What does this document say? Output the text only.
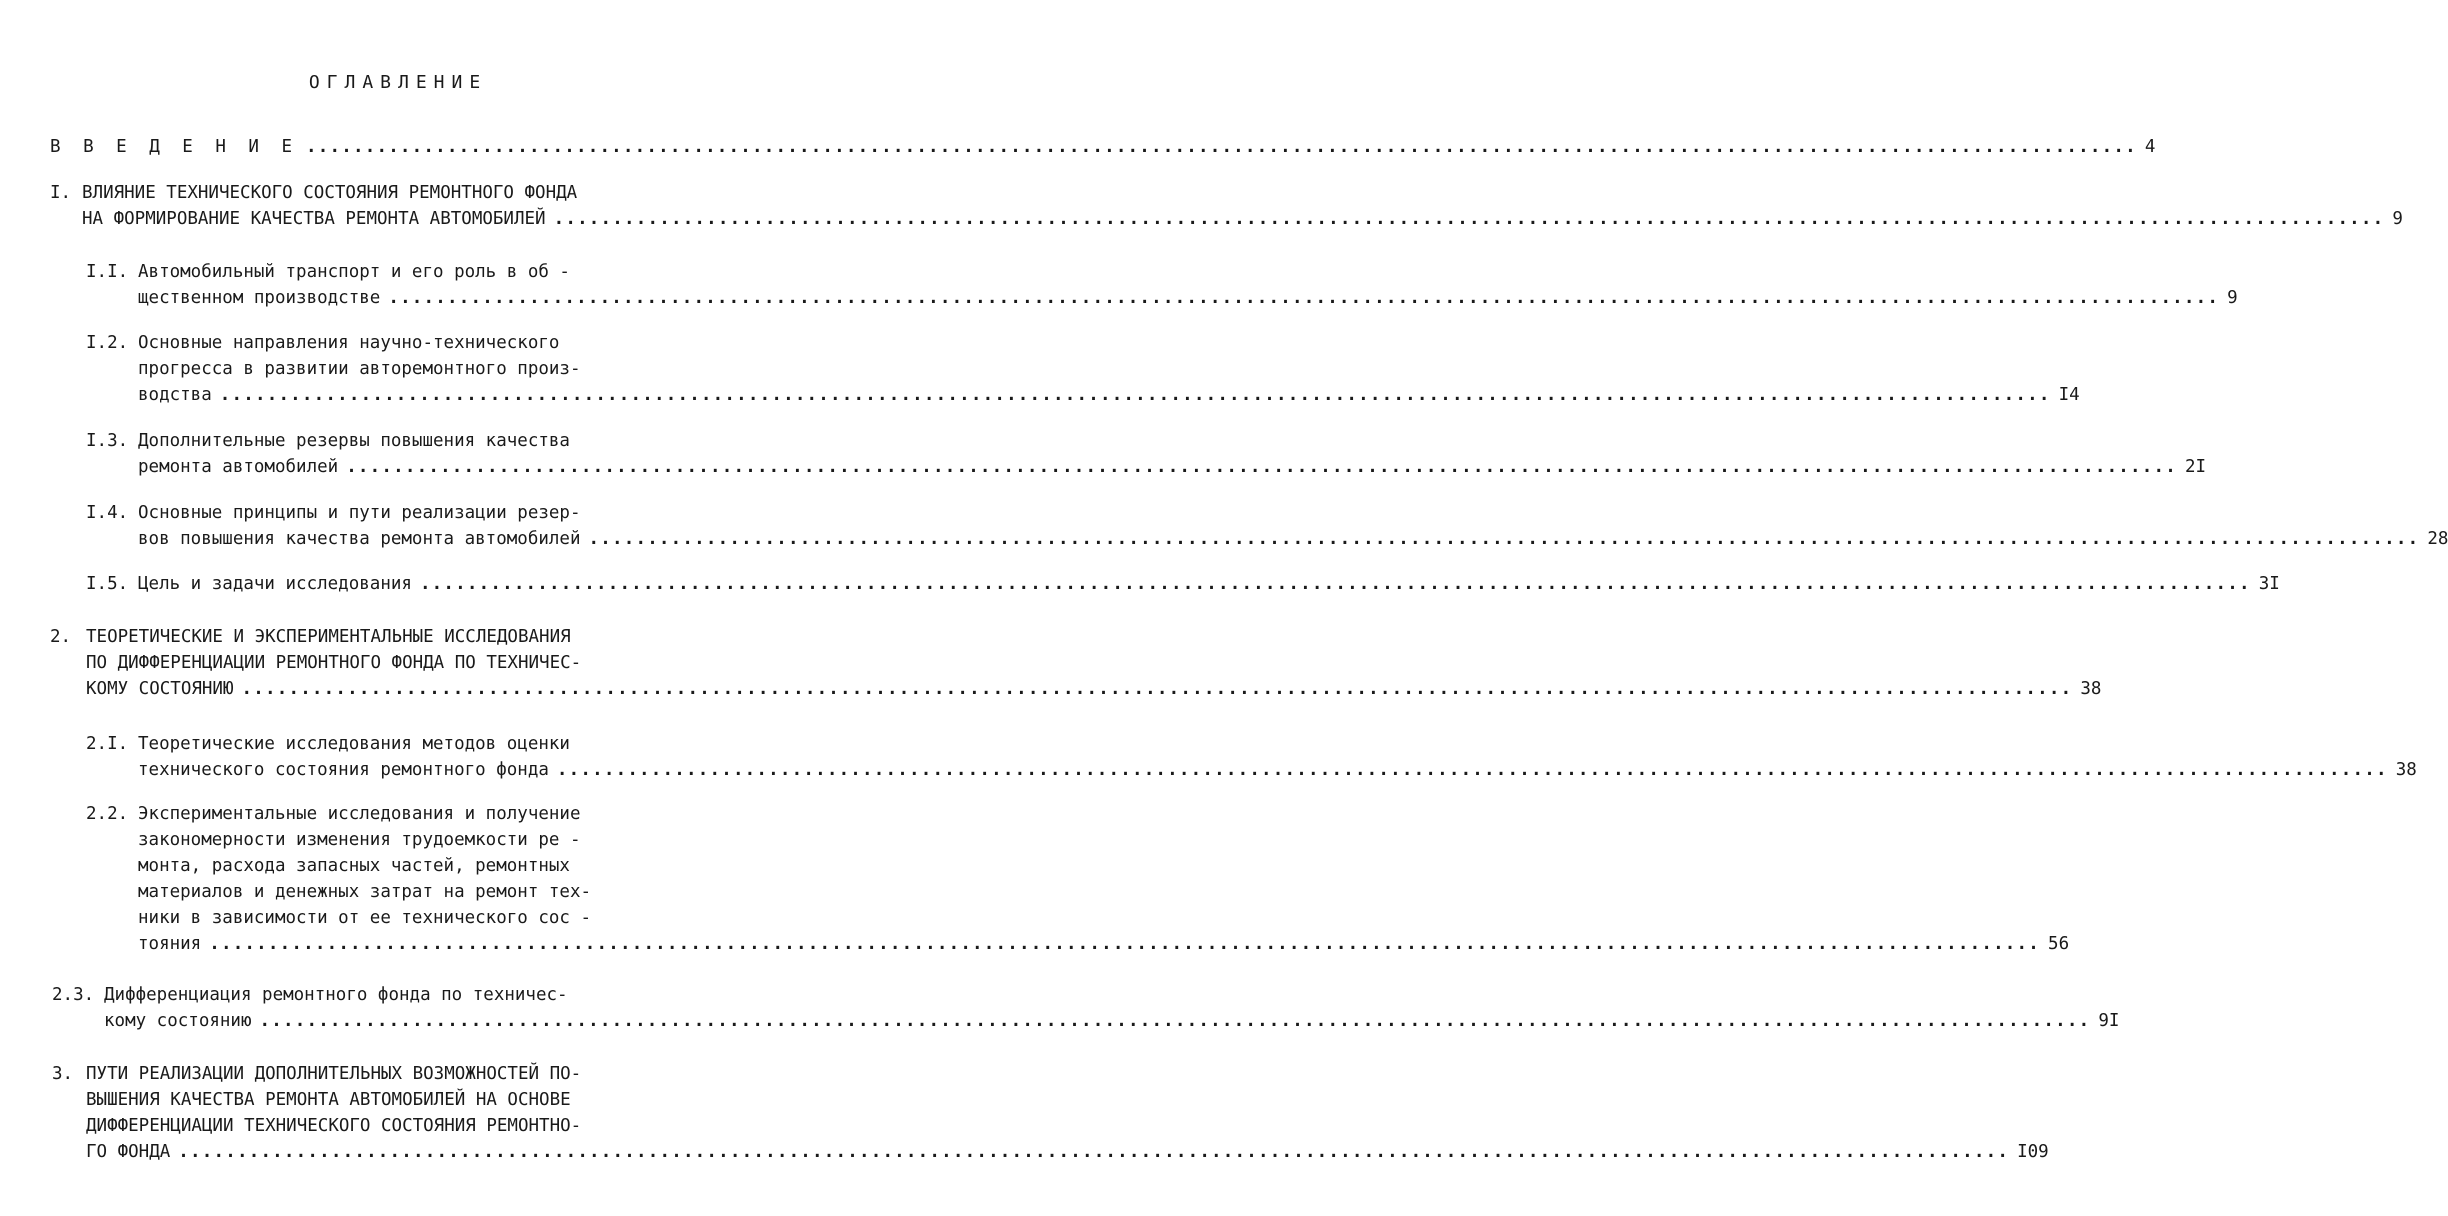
ОГЛАВЛЕНИЕ
В В Е Д Е Н И Е ............................................................................................................................................................ 4
I. ВЛИЯНИЕ ТЕХНИЧЕСКОГО СОСТОЯНИЯ РЕМОНТНОГО ФОНДА
НА ФОРМИРОВАНИЕ КАЧЕСТВА РЕМОНТА АВТОМОБИЛЕЙ ............................................................................................................................................................ 9
I.I. Автомобильный транспорт и его роль в об -
щественном производстве ............................................................................................................................................................ 9
I.2. Основные направления научно-технического
прогресса в развитии авторемонтного произ-
водства ............................................................................................................................................................ I4
I.3. Дополнительные резервы повышения качества
ремонта автомобилей ............................................................................................................................................................ 2I
I.4. Основные принципы и пути реализации резер-
вов повышения качества ремонта автомобилей ............................................................................................................................................................ 28
I.5. Цель и задачи исследования ............................................................................................................................................................ 3I
2. ТЕОРЕТИЧЕСКИЕ И ЭКСПЕРИМЕНТАЛЬНЫЕ ИССЛЕДОВАНИЯ
ПО ДИФФЕРЕНЦИАЦИИ РЕМОНТНОГО ФОНДА ПО ТЕХНИЧЕС-
КОМУ СОСТОЯНИЮ ............................................................................................................................................................ 38
2.I. Теоретические исследования методов оценки
технического состояния ремонтного фонда ............................................................................................................................................................ 38
2.2. Экспериментальные исследования и получение
закономерности изменения трудоемкости ре -
монта, расхода запасных частей, ремонтных
материалов и денежных затрат на ремонт тех-
ники в зависимости от ее технического сос -
тояния ............................................................................................................................................................ 56
2.3. Дифференциация ремонтного фонда по техничес-
кому состоянию ............................................................................................................................................................ 9I
3. ПУТИ РЕАЛИЗАЦИИ ДОПОЛНИТЕЛЬНЫХ ВОЗМОЖНОСТЕЙ ПО-
ВЫШЕНИЯ КАЧЕСТВА РЕМОНТА АВТОМОБИЛЕЙ НА ОСНОВЕ
ДИФФЕРЕНЦИАЦИИ ТЕХНИЧЕСКОГО СОСТОЯНИЯ РЕМОНТНО-
ГО ФОНДА ............................................................................................................................................................ I09
